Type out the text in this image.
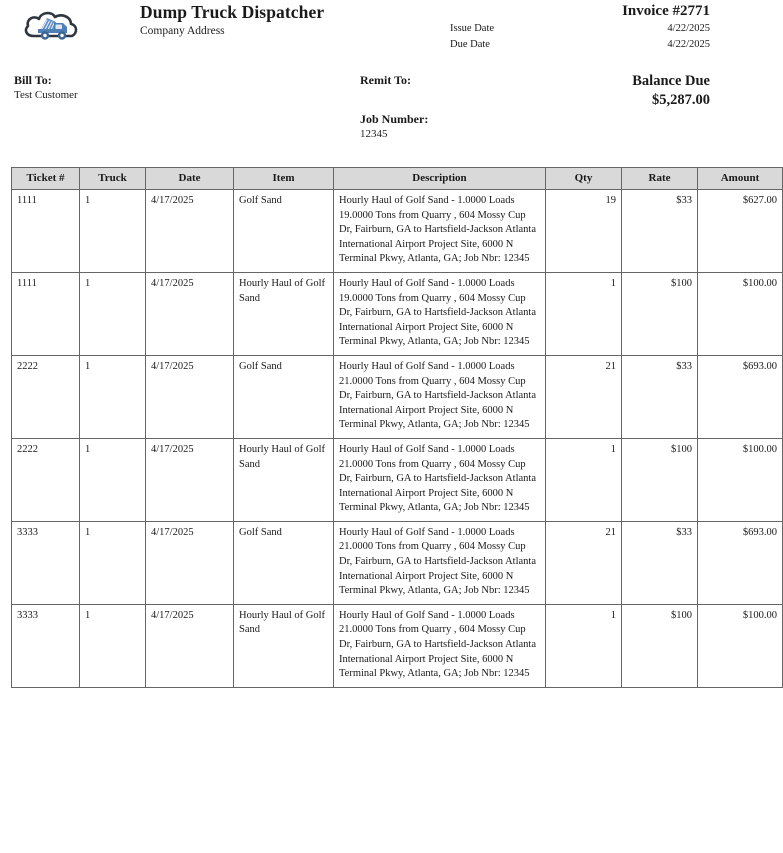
Dump Truck Dispatcher
Company Address
Invoice #2771
Issue Date	4/22/2025
Due Date	4/22/2025
Bill To:
Test Customer
Remit To:
Job Number:
12345
Balance Due
$5,287.00
Ticket #	Truck	Date	Item	Description	Qty	Rate	Amount
1111	1	4/17/2025	Golf Sand	Hourly Haul of Golf Sand - 1.0000 Loads 19.0000 Tons from Quarry , 604 Mossy Cup Dr, Fairburn, GA to Hartsfield-Jackson Atlanta International Airport Project Site, 6000 N Terminal Pkwy, Atlanta, GA; Job Nbr: 12345	19	$33	$627.00
1111	1	4/17/2025	Hourly Haul of Golf Sand	Hourly Haul of Golf Sand - 1.0000 Loads 19.0000 Tons from Quarry , 604 Mossy Cup Dr, Fairburn, GA to Hartsfield-Jackson Atlanta International Airport Project Site, 6000 N Terminal Pkwy, Atlanta, GA; Job Nbr: 12345	1	$100	$100.00
2222	1	4/17/2025	Golf Sand	Hourly Haul of Golf Sand - 1.0000 Loads 21.0000 Tons from Quarry , 604 Mossy Cup Dr, Fairburn, GA to Hartsfield-Jackson Atlanta International Airport Project Site, 6000 N Terminal Pkwy, Atlanta, GA; Job Nbr: 12345	21	$33	$693.00
2222	1	4/17/2025	Hourly Haul of Golf Sand	Hourly Haul of Golf Sand - 1.0000 Loads 21.0000 Tons from Quarry , 604 Mossy Cup Dr, Fairburn, GA to Hartsfield-Jackson Atlanta International Airport Project Site, 6000 N Terminal Pkwy, Atlanta, GA; Job Nbr: 12345	1	$100	$100.00
3333	1	4/17/2025	Golf Sand	Hourly Haul of Golf Sand - 1.0000 Loads 21.0000 Tons from Quarry , 604 Mossy Cup Dr, Fairburn, GA to Hartsfield-Jackson Atlanta International Airport Project Site, 6000 N Terminal Pkwy, Atlanta, GA; Job Nbr: 12345	21	$33	$693.00
3333	1	4/17/2025	Hourly Haul of Golf Sand	Hourly Haul of Golf Sand - 1.0000 Loads 21.0000 Tons from Quarry , 604 Mossy Cup Dr, Fairburn, GA to Hartsfield-Jackson Atlanta International Airport Project Site, 6000 N Terminal Pkwy, Atlanta, GA; Job Nbr: 12345	1	$100	$100.00
